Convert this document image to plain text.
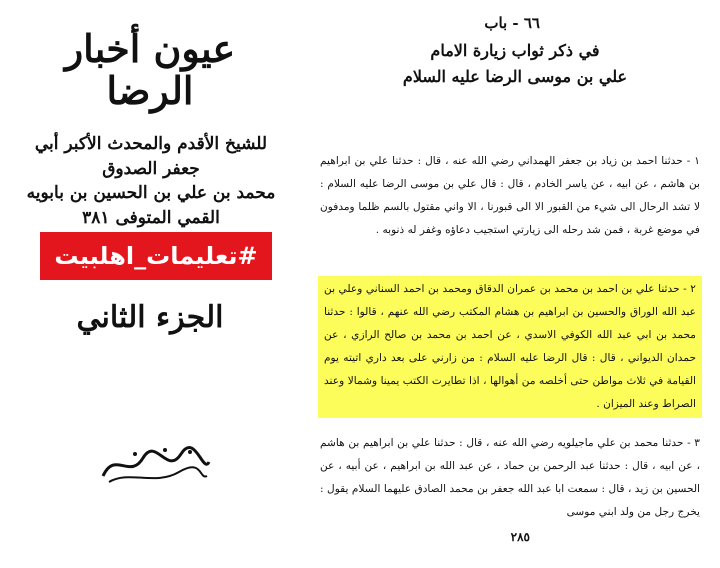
عيون أخبار الرضا
للشيخ الأقدم والمحدث الأكبر أبي جعفر الصدوق
محمد بن علي بن الحسين بن بابويه القمي المتوفى ٣٨١
#تعليمات_اهلبيت
الجزء الثاني
٦٦ - باب
في ذكر ثواب زيارة الامام
علي بن موسى الرضا عليه السلام
١ - حدثنا احمد بن زياد بن جعفر الهمداني رضي الله عنه ، قال : حدثنا علي بن ابراهيم بن هاشم ، عن ابيه ، عن ياسر الخادم ، قال : قال علي بن موسى الرضا عليه السلام : لا تشد الرحال الى شيء من القبور الا الى قبورنا ، الا واني مقتول بالسم ظلما ومدفون في موضع غربة ، فمن شد رحله الى زيارتي استجيب دعاؤه وغفر له ذنوبه .
٢ - حدثنا علي بن احمد بن محمد بن عمران الدقاق ومحمد بن احمد السناني وعلي بن عبد الله الوراق والحسين بن ابراهيم بن هشام المكتب رضي الله عنهم ، قالوا : حدثنا محمد بن ابي عبد الله الكوفي الاسدي ، عن احمد بن محمد بن صالح الرازي ، عن حمدان الديواني ، قال : قال الرضا عليه السلام : من زارني على بعد داري اتيته يوم القيامة في ثلاث مواطن حتى أخلصه من أهوالها ، اذا تطايرت الكتب يمينا وشمالا وعند الصراط وعند الميزان .
٣ - حدثنا محمد بن علي ماجيلويه رضي الله عنه ، قال : حدثنا علي بن ابراهيم بن هاشم ، عن ابيه ، قال : حدثنا عبد الرحمن بن حماد ، عن عبد الله بن ابراهيم ، عن أبيه ، عن الحسين بن زيد ، قال : سمعت ابا عبد الله جعفر بن محمد الصادق عليهما السلام يقول : يخرج رجل من ولد ابني موسى
٢٨٥
